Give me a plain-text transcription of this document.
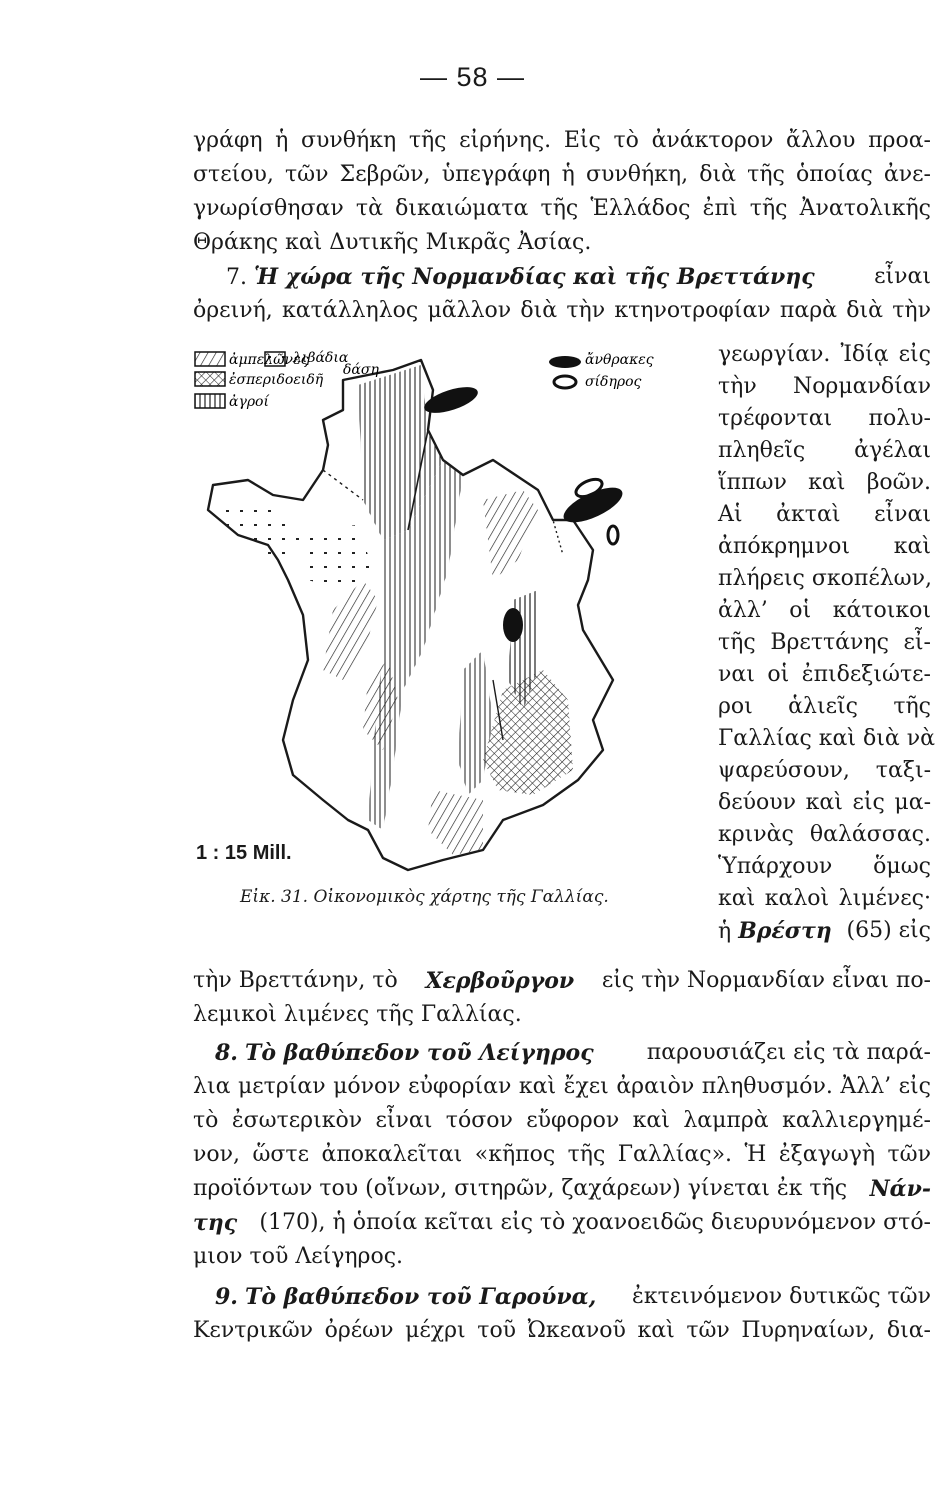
— 58 —
γράφη ἡ συνθήκη τῆς εἰρήνης. Εἰς τὸ ἀνάκτορον ἄλλου προα-
στείου, τῶν Σεβρῶν, ὑπεγράφη ἡ συνθήκη, διὰ τῆς ὁποίας ἀνε-
γνωρίσθησαν τὰ δικαιώματα τῆς Ἑλλάδος ἐπὶ τῆς Ἀνατολικῆς
Θράκης καὶ Δυτικῆς Μικρᾶς Ἀσίας.
7. Ἡ χώρα τῆς Νορμανδίας καὶ τῆς Βρεττάνης	εἶναι
ὀρεινή, κατάλληλος μᾶλλον διὰ τὴν κτηνοτροφίαν παρὰ διὰ τὴν
γεωργίαν. Ἰδίᾳ εἰς
τὴν Νορμανδίαν
τρέφονται πολυ-
πληθεῖς ἀγέλαι
ἵππων καὶ βοῶν.
Αἱ ἀκταὶ εἶναι
ἀπόκρημνοι καὶ
πλήρεις σκοπέλων,
ἀλλ’ οἱ κάτοικοι
τῆς Βρεττάνης εἶ-
ναι οἱ ἐπιδεξιώτε-
ροι ἁλιεῖς τῆς
Γαλλίας καὶ διὰ νὰ
ψαρεύσουν, ταξι-
δεύουν καὶ εἰς μα-
κρινὰς θαλάσσας.
Ὑπάρχουν ὅμως
καὶ καλοὶ λιμένες·
ἡ Βρέστη (65) εἰς
ἀμπελῶνες
λιβάδια
δάση
ἐσπεριδοειδῆ
ἀγροί
ἄνθρακες
σίδηρος
1 : 15 Mill.
Εἰκ. 31. Οἰκονομικὸς χάρτης τῆς Γαλλίας.
τὴν Βρεττάνην, τὸ Χερβοῦργον εἰς τὴν Νορμανδίαν εἶναι πο-
λεμικοὶ λιμένες τῆς Γαλλίας.
8. Τὸ βαθύπεδον τοῦ Λείγηρος παρουσιάζει εἰς τὰ παρά-
λια μετρίαν μόνον εὐφορίαν καὶ ἔχει ἀραιὸν πληθυσμόν. Ἀλλ’ εἰς
τὸ ἐσωτερικὸν εἶναι τόσον εὔφορον καὶ λαμπρὰ καλλιεργημέ-
νον, ὥστε ἀποκαλεῖται «κῆπος τῆς Γαλλίας». Ἡ ἐξαγωγὴ τῶν
προϊόντων του (οἴνων, σιτηρῶν, ζαχάρεων) γίνεται ἐκ τῆς Νάν-
της (170), ἡ ὁποία κεῖται εἰς τὸ χοανοειδῶς διευρυνόμενον στό-
μιον τοῦ Λείγηρος.
9. Τὸ βαθύπεδον τοῦ Γαρούνα, ἐκτεινόμενον δυτικῶς τῶν
Κεντρικῶν ὀρέων μέχρι τοῦ Ὠκεανοῦ καὶ τῶν Πυρηναίων, δια-
